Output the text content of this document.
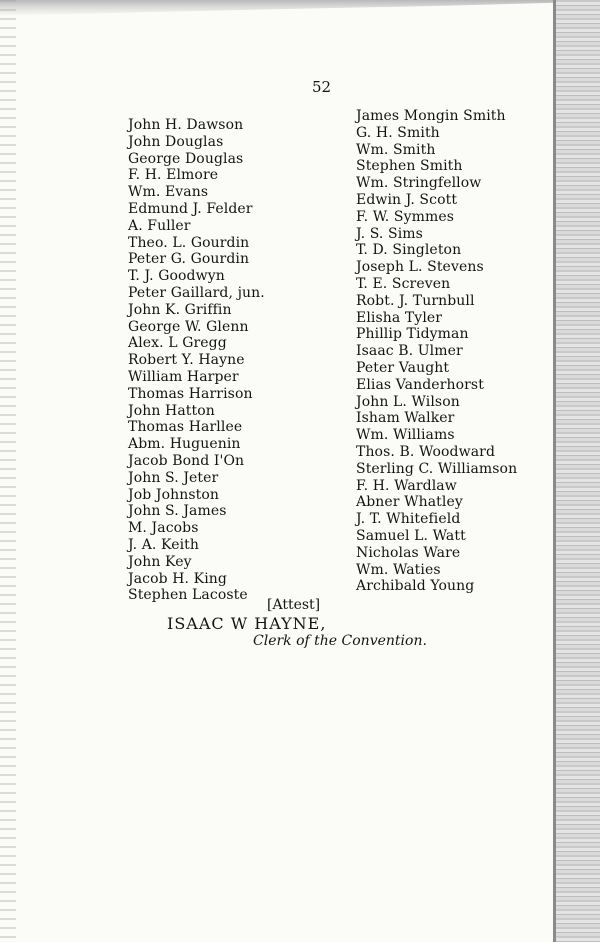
52
John H. Dawson
John Douglas
George Douglas
F. H. Elmore
Wm. Evans
Edmund J. Felder
A. Fuller
Theo. L. Gourdin
Peter G. Gourdin
T. J. Goodwyn
Peter Gaillard, jun.
John K. Griffin
George W. Glenn
Alex. L Gregg
Robert Y. Hayne
William Harper
Thomas Harrison
John Hatton
Thomas Harllee
Abm. Huguenin
Jacob Bond I'On
John S. Jeter
Job Johnston
John S. James
M. Jacobs
J. A. Keith
John Key
Jacob H. King
Stephen Lacoste
James Mongin Smith
G. H. Smith
Wm. Smith
Stephen Smith
Wm. Stringfellow
Edwin J. Scott
F. W. Symmes
J. S. Sims
T. D. Singleton
Joseph L. Stevens
T. E. Screven
Robt. J. Turnbull
Elisha Tyler
Phillip Tidyman
Isaac B. Ulmer
Peter Vaught
Elias Vanderhorst
John L. Wilson
Isham Walker
Wm. Williams
Thos. B. Woodward
Sterling C. Williamson
F. H. Wardlaw
Abner Whatley
J. T. Whitefield
Samuel L. Watt
Nicholas Ware
Wm. Waties
Archibald Young
[Attest]
ISAAC W HAYNE,
Clerk of the Convention.
